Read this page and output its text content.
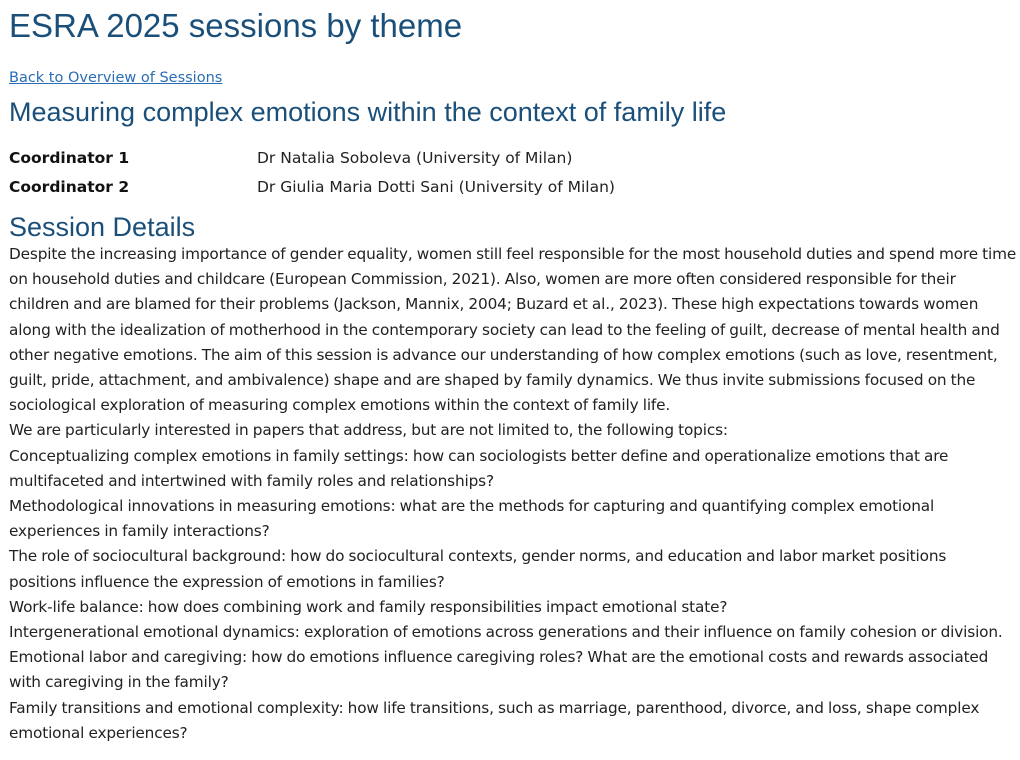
ESRA 2025 sessions by theme
Back to Overview of Sessions
Measuring complex emotions within the context of family life
Coordinator 1	Dr Natalia Soboleva (University of Milan)
Coordinator 2	Dr Giulia Maria Dotti Sani (University of Milan)
Session Details

Despite the increasing importance of gender equality, women still feel responsible for the most household duties and spend more time on household duties and childcare (European Commission, 2021). Also, women are more often considered responsible for their children and are blamed for their problems (Jackson, Mannix, 2004; Buzard et al., 2023). These high expectations towards women along with the idealization of motherhood in the contemporary society can lead to the feeling of guilt, decrease of mental health and other negative emotions. The aim of this session is advance our understanding of how complex emotions (such as love, resentment, guilt, pride, attachment, and ambivalence) shape and are shaped by family dynamics. We thus invite submissions focused on the sociological exploration of measuring complex emotions within the context of family life.

We are particularly interested in papers that address, but are not limited to, the following topics:

Conceptualizing complex emotions in family settings: how can sociologists better define and operationalize emotions that are multifaceted and intertwined with family roles and relationships?

Methodological innovations in measuring emotions: what are the methods for capturing and quantifying complex emotional experiences in family interactions?

The role of sociocultural background: how do sociocultural contexts, gender norms, and education and labor market positions positions influence the expression of emotions in families?

Work-life balance: how does combining work and family responsibilities impact emotional state?

Intergenerational emotional dynamics: exploration of emotions across generations and their influence on family cohesion or division.

Emotional labor and caregiving: how do emotions influence caregiving roles? What are the emotional costs and rewards associated with caregiving in the family?

Family transitions and emotional complexity: how life transitions, such as marriage, parenthood, divorce, and loss, shape complex emotional experiences?
